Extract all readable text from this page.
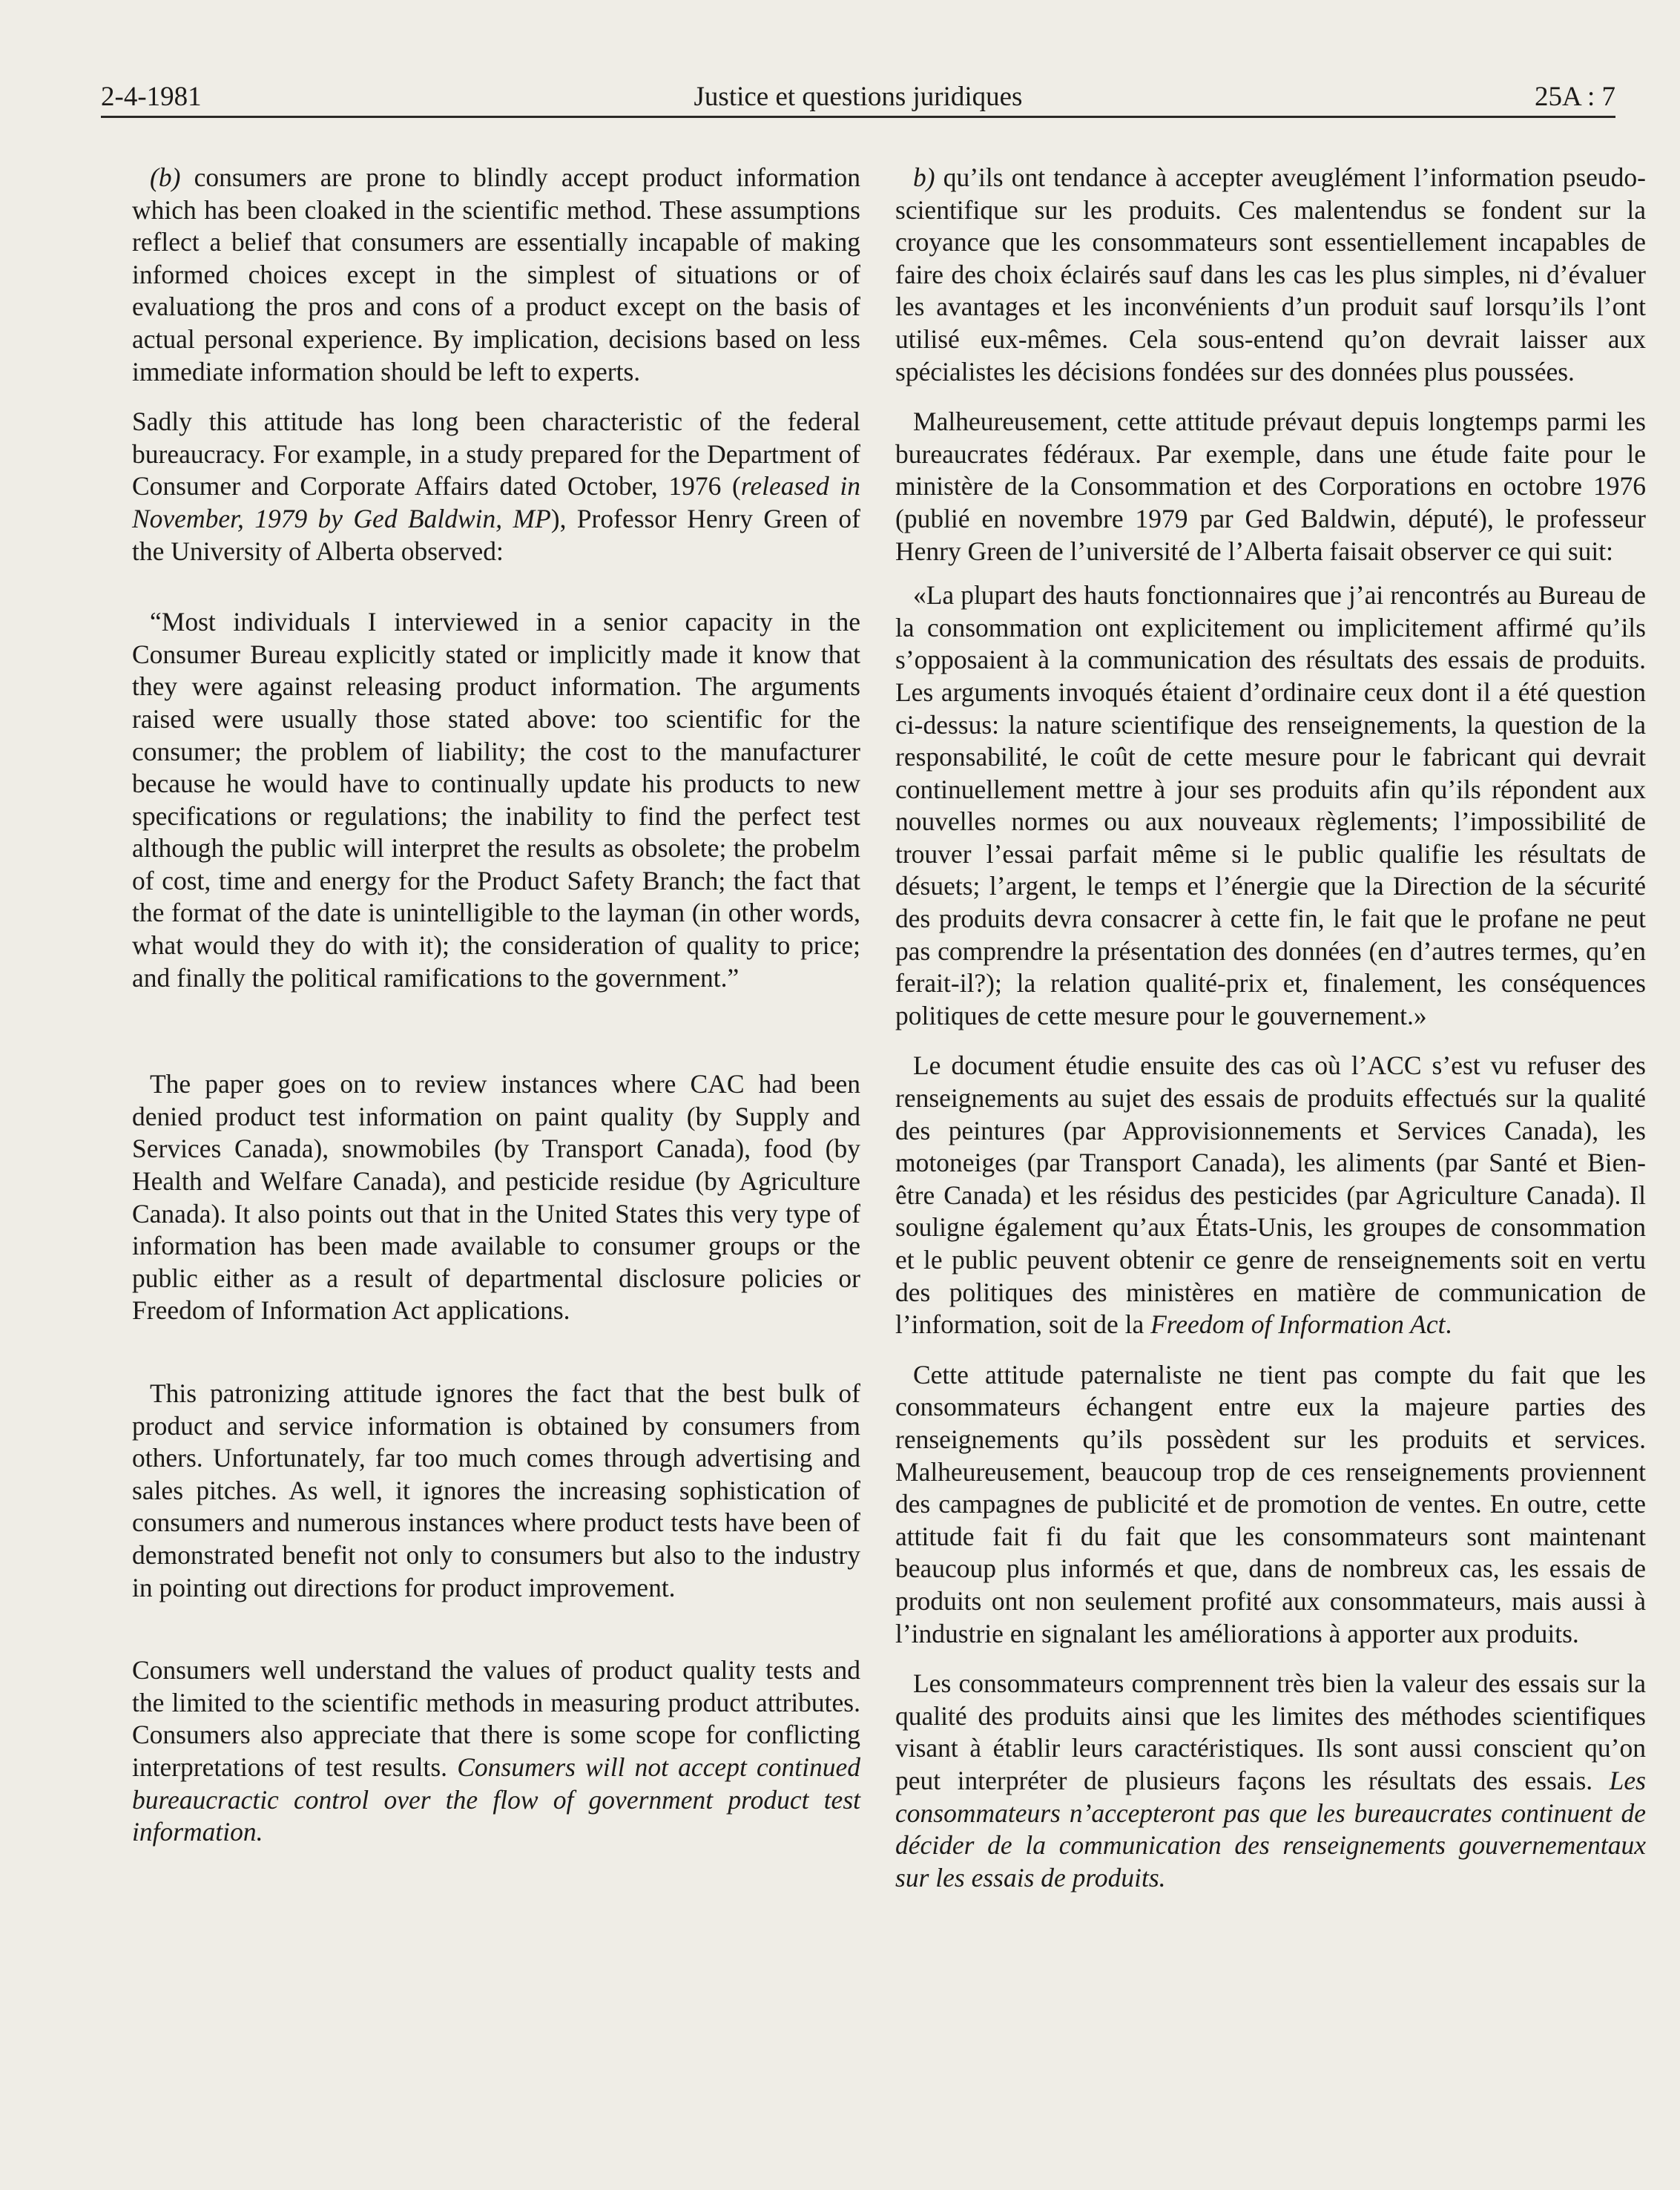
2-4-1981	Justice et questions juridiques	25A : 7

(b) consumers are prone to blindly accept product information which has been cloaked in the scientific method. These assumptions reflect a belief that consumers are essentially incapable of making informed choices except in the simplest of situations or of evaluationg the pros and cons of a product except on the basis of actual personal experience. By implication, decisions based on less immediate information should be left to experts.

Sadly this attitude has long been characteristic of the federal bureaucracy. For example, in a study prepared for the Department of Consumer and Corporate Affairs dated October, 1976 (released in November, 1979 by Ged Baldwin, MP), Professor Henry Green of the University of Alberta observed:

“Most individuals I interviewed in a senior capacity in the Consumer Bureau explicitly stated or implicitly made it know that they were against releasing product information. The arguments raised were usually those stated above: too scientific for the consumer; the problem of liability; the cost to the manufacturer because he would have to continually update his products to new specifications or regulations; the inability to find the perfect test although the public will interpret the results as obsolete; the probelm of cost, time and energy for the Product Safety Branch; the fact that the format of the date is unintelligible to the layman (in other words, what would they do with it); the consideration of quality to price; and finally the political ramifications to the government.”

The paper goes on to review instances where CAC had been denied product test information on paint quality (by Supply and Services Canada), snowmobiles (by Transport Canada), food (by Health and Welfare Canada), and pesticide residue (by Agriculture Canada). It also points out that in the United States this very type of information has been made available to consumer groups or the public either as a result of departmental disclosure policies or Freedom of Information Act applications.

This patronizing attitude ignores the fact that the best bulk of product and service information is obtained by consumers from others. Unfortunately, far too much comes through advertising and sales pitches. As well, it ignores the increasing sophistication of consumers and numerous instances where product tests have been of demonstrated benefit not only to consumers but also to the industry in pointing out directions for product improvement.

Consumers well understand the values of product quality tests and the limited to the scientific methods in measuring product attributes. Consumers also appreciate that there is some scope for conflicting interpretations of test results. Consumers will not accept continued bureaucractic control over the flow of government product test information.

b) qu’ils ont tendance à accepter aveuglément l’information pseudo-scientifique sur les produits. Ces malentendus se fondent sur la croyance que les consommateurs sont essentiellement incapables de faire des choix éclairés sauf dans les cas les plus simples, ni d’évaluer les avantages et les inconvénients d’un produit sauf lorsqu’ils l’ont utilisé eux-mêmes. Cela sous-entend qu’on devrait laisser aux spécialistes les décisions fondées sur des données plus poussées.

Malheureusement, cette attitude prévaut depuis longtemps parmi les bureaucrates fédéraux. Par exemple, dans une étude faite pour le ministère de la Consommation et des Corporations en octobre 1976 (publié en novembre 1979 par Ged Baldwin, député), le professeur Henry Green de l’université de l’Alberta faisait observer ce qui suit:

«La plupart des hauts fonctionnaires que j’ai rencontrés au Bureau de la consommation ont explicitement ou implicitement affirmé qu’ils s’opposaient à la communication des résultats des essais de produits. Les arguments invoqués étaient d’ordinaire ceux dont il a été question ci-dessus: la nature scientifique des renseignements, la question de la responsabilité, le coût de cette mesure pour le fabricant qui devrait continuellement mettre à jour ses produits afin qu’ils répondent aux nouvelles normes ou aux nouveaux règlements; l’impossibilité de trouver l’essai parfait même si le public qualifie les résultats de désuets; l’argent, le temps et l’énergie que la Direction de la sécurité des produits devra consacrer à cette fin, le fait que le profane ne peut pas comprendre la présentation des données (en d’autres termes, qu’en ferait-il?); la relation qualité-prix et, finalement, les conséquences politiques de cette mesure pour le gouvernement.»

Le document étudie ensuite des cas où l’ACC s’est vu refuser des renseignements au sujet des essais de produits effectués sur la qualité des peintures (par Approvisionnements et Services Canada), les motoneiges (par Transport Canada), les aliments (par Santé et Bien-être Canada) et les résidus des pesticides (par Agriculture Canada). Il souligne également qu’aux États-Unis, les groupes de consommation et le public peuvent obtenir ce genre de renseignements soit en vertu des politiques des ministères en matière de communication de l’information, soit de la Freedom of Information Act.

Cette attitude paternaliste ne tient pas compte du fait que les consommateurs échangent entre eux la majeure parties des renseignements qu’ils possèdent sur les produits et services. Malheureusement, beaucoup trop de ces renseignements proviennent des campagnes de publicité et de promotion de ventes. En outre, cette attitude fait fi du fait que les consommateurs sont maintenant beaucoup plus informés et que, dans de nombreux cas, les essais de produits ont non seulement profité aux consommateurs, mais aussi à l’industrie en signalant les améliorations à apporter aux produits.

Les consommateurs comprennent très bien la valeur des essais sur la qualité des produits ainsi que les limites des méthodes scientifiques visant à établir leurs caractéristiques. Ils sont aussi conscient qu’on peut interpréter de plusieurs façons les résultats des essais. Les consommateurs n’accepteront pas que les bureaucrates continuent de décider de la communication des renseignements gouvernementaux sur les essais de produits.
